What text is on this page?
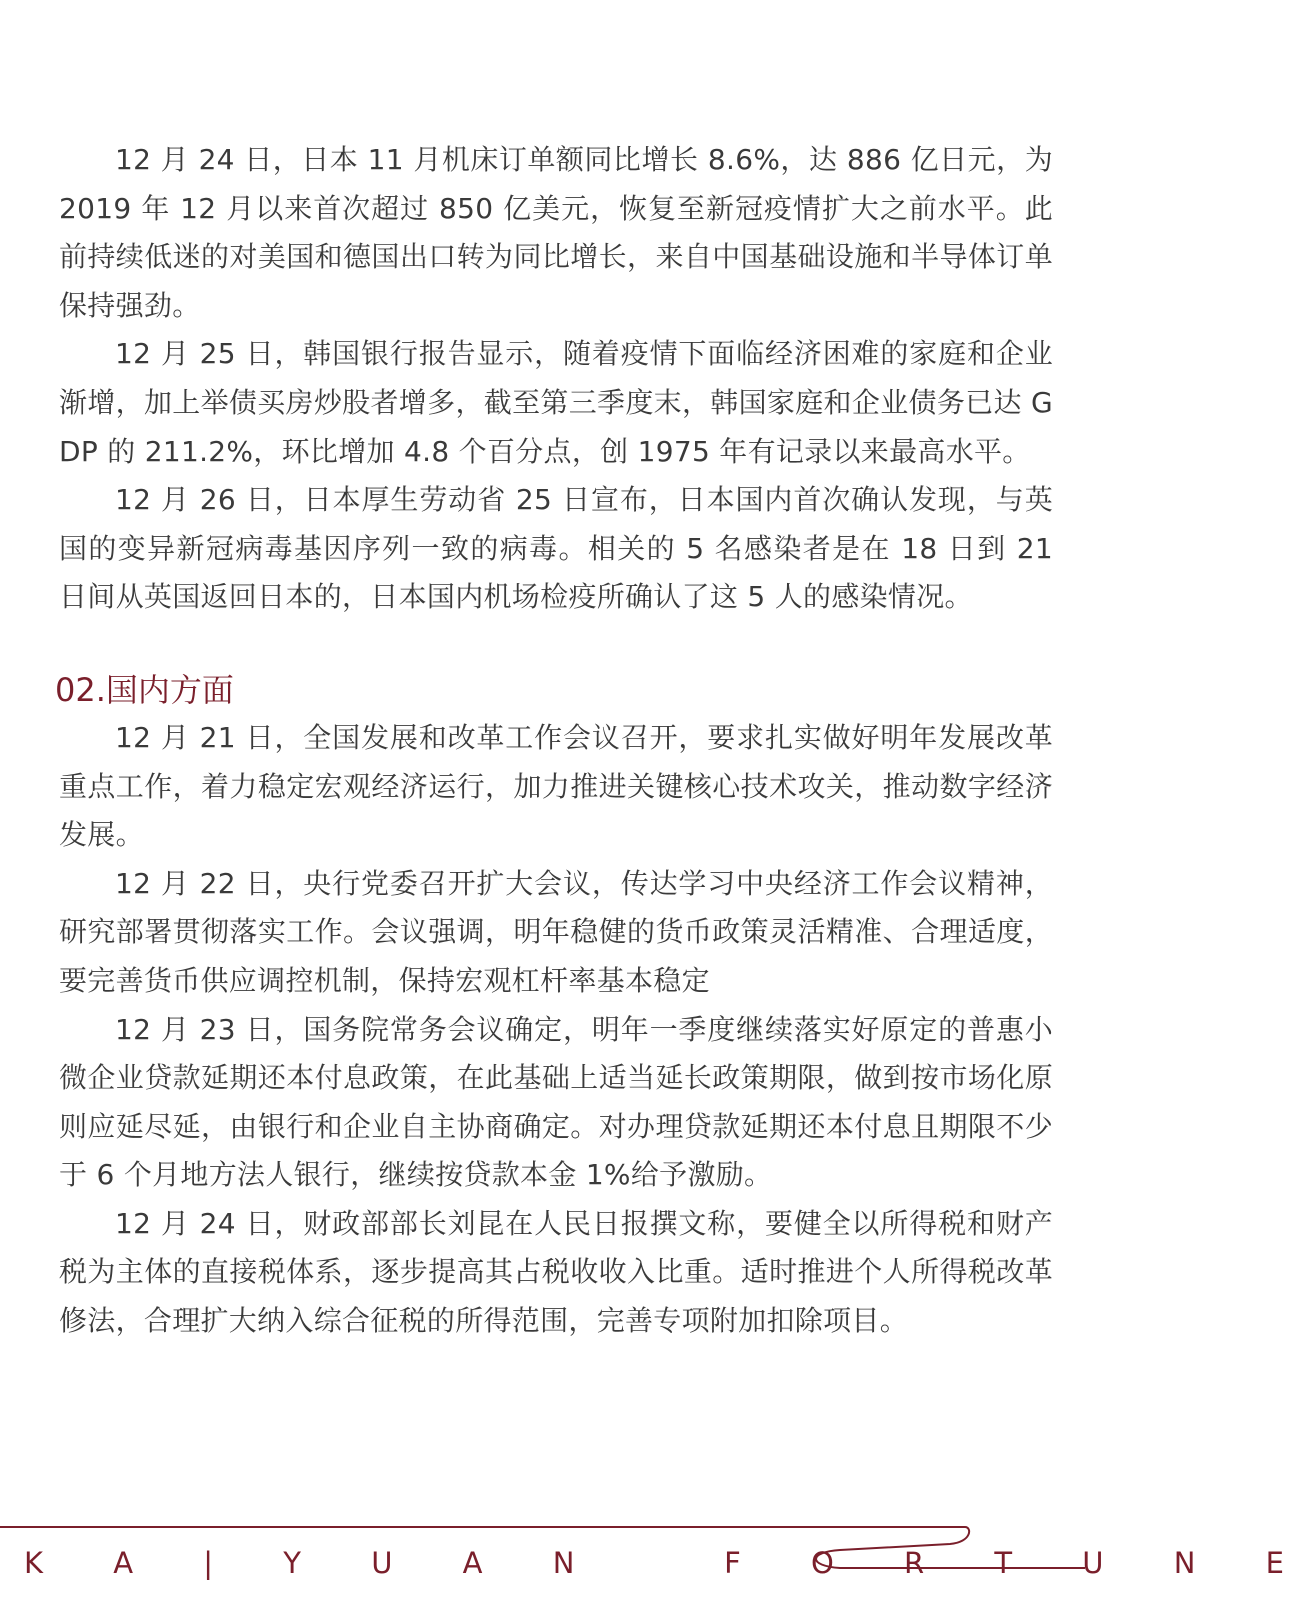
12 月 24 日，日本 11 月机床订单额同比增长 8.6%，达 886 亿日元，为 2019 年 12 月以来首次超过 850 亿美元，恢复至新冠疫情扩大之前水平。此前持续低迷的对美国和德国出口转为同比增长，来自中国基础设施和半导体订单保持强劲。

12 月 25 日，韩国银行报告显示，随着疫情下面临经济困难的家庭和企业渐增，加上举债买房炒股者增多，截至第三季度末，韩国家庭和企业债务已达 GDP 的 211.2%，环比增加 4.8 个百分点，创 1975 年有记录以来最高水平。

12 月 26 日，日本厚生劳动省 25 日宣布，日本国内首次确认发现，与英国的变异新冠病毒基因序列一致的病毒。相关的 5 名感染者是在 18 日到 21 日间从英国返回日本的，日本国内机场检疫所确认了这 5 人的感染情况。

02.国内方面

12 月 21 日，全国发展和改革工作会议召开，要求扎实做好明年发展改革重点工作，着力稳定宏观经济运行，加力推进关键核心技术攻关，推动数字经济发展。

12 月 22 日，央行党委召开扩大会议，传达学习中央经济工作会议精神，研究部署贯彻落实工作。会议强调，明年稳健的货币政策灵活精准、合理适度，要完善货币供应调控机制，保持宏观杠杆率基本稳定

12 月 23 日，国务院常务会议确定，明年一季度继续落实好原定的普惠小微企业贷款延期还本付息政策，在此基础上适当延长政策期限，做到按市场化原则应延尽延，由银行和企业自主协商确定。对办理贷款延期还本付息且期限不少于 6 个月地方法人银行，继续按贷款本金 1%给予激励。

12 月 24 日，财政部部长刘昆在人民日报撰文称，要健全以所得税和财产税为主体的直接税体系，逐步提高其占税收收入比重。适时推进个人所得税改革修法，合理扩大纳入综合征税的所得范围，完善专项附加扣除项目。

K A | Y U A N   F O R T U N E
